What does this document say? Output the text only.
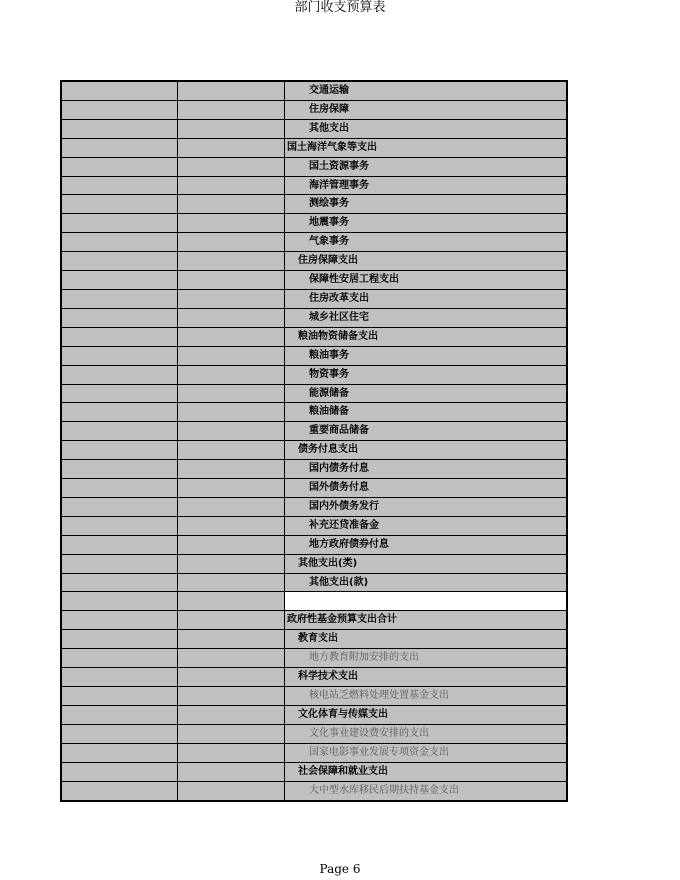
部门收支预算表
交通运输
住房保障
其他支出
国土海洋气象等支出
国土资源事务
海洋管理事务
测绘事务
地震事务
气象事务
住房保障支出
保障性安居工程支出
住房改革支出
城乡社区住宅
粮油物资储备支出
粮油事务
物资事务
能源储备
粮油储备
重要商品储备
债务付息支出
国内债务付息
国外债务付息
国内外债务发行
补充还贷准备金
地方政府债券付息
其他支出(类)
其他支出(款)
政府性基金预算支出合计
教育支出
地方教育附加安排的支出
科学技术支出
核电站乏燃料处理处置基金支出
文化体育与传媒支出
文化事业建设费安排的支出
国家电影事业发展专项资金支出
社会保障和就业支出
大中型水库移民后期扶持基金支出
Page 6
